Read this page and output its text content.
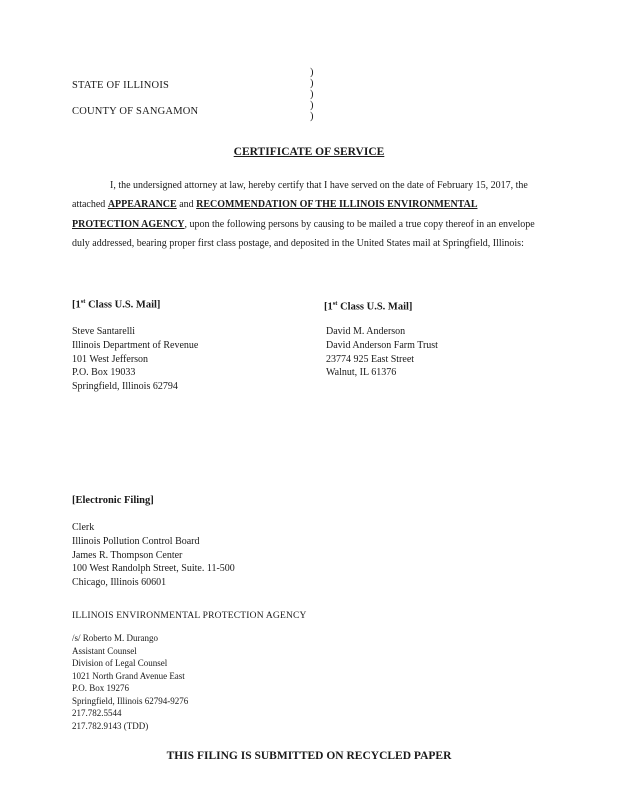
STATE OF ILLINOIS
COUNTY OF SANGAMON
)
)
)
)
)
CERTIFICATE OF SERVICE
I, the undersigned attorney at law, hereby certify that I have served on the date of February 15, 2017, the attached APPEARANCE and RECOMMENDATION OF THE ILLINOIS ENVIRONMENTAL PROTECTION AGENCY, upon the following persons by causing to be mailed a true copy thereof in an envelope duly addressed, bearing proper first class postage, and deposited in the United States mail at Springfield, Illinois:
[1st Class U.S. Mail]
Steve Santarelli
Illinois Department of Revenue
101 West Jefferson
P.O. Box 19033
Springfield, Illinois 62794
[1st Class U.S. Mail]
David M. Anderson
David Anderson Farm Trust
23774 925 East Street
Walnut, IL 61376
[Electronic Filing]
Clerk
Illinois Pollution Control Board
James R. Thompson Center
100 West Randolph Street, Suite. 11-500
Chicago, Illinois 60601
ILLINOIS ENVIRONMENTAL PROTECTION AGENCY
/s/ Roberto M. Durango
Assistant Counsel
Division of Legal Counsel
1021 North Grand Avenue East
P.O. Box 19276
Springfield, Illinois 62794-9276
217.782.5544
217.782.9143 (TDD)
THIS FILING IS SUBMITTED ON RECYCLED PAPER
